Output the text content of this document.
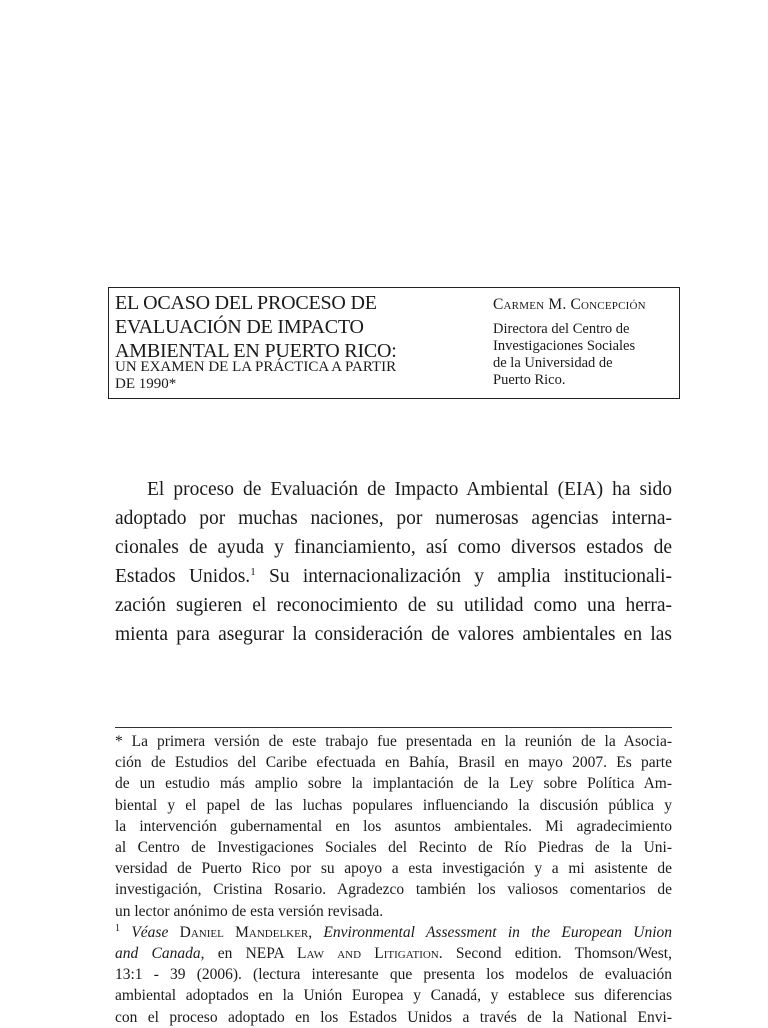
EL OCASO DEL PROCESO DE
EVALUACIÓN DE IMPACTO
AMBIENTAL EN PUERTO RICO:
UN EXAMEN DE LA PRÁCTICA A PARTIR
DE 1990*
Carmen M. Concepción
Directora del Centro de
Investigaciones Sociales
de la Universidad de
Puerto Rico.
El proceso de Evaluación de Impacto Ambiental (EIA) ha sido
adoptado por muchas naciones, por numerosas agencias interna-
cionales de ayuda y financiamiento, así como diversos estados de
Estados Unidos.$^1$ Su internacionalización y amplia institucionali-
zación sugieren el reconocimiento de su utilidad como una herra-
mienta para asegurar la consideración de valores ambientales en las
* La primera versión de este trabajo fue presentada en la reunión de la Asocia-
ción de Estudios del Caribe efectuada en Bahía, Brasil en mayo 2007. Es parte
de un estudio más amplio sobre la implantación de la Ley sobre Política Am-
biental y el papel de las luchas populares influenciando la discusión pública y
la intervención gubernamental en los asuntos ambientales. Mi agradecimiento
al Centro de Investigaciones Sociales del Recinto de Río Piedras de la Uni-
versidad de Puerto Rico por su apoyo a esta investigación y a mi asistente de
investigación, Cristina Rosario. Agradezco también los valiosos comentarios de
un lector anónimo de esta versión revisada.
$^1$ Véase Daniel Mandelker, Environmental Assessment in the European Union
and Canada, en NEPA Law and Litigation. Second edition. Thomson/West,
13:1 - 39 (2006). (lectura interesante que presenta los modelos de evaluación
ambiental adoptados en la Unión Europea y Canadá, y establece sus diferencias
con el proceso adoptado en los Estados Unidos a través de la National Envi-
